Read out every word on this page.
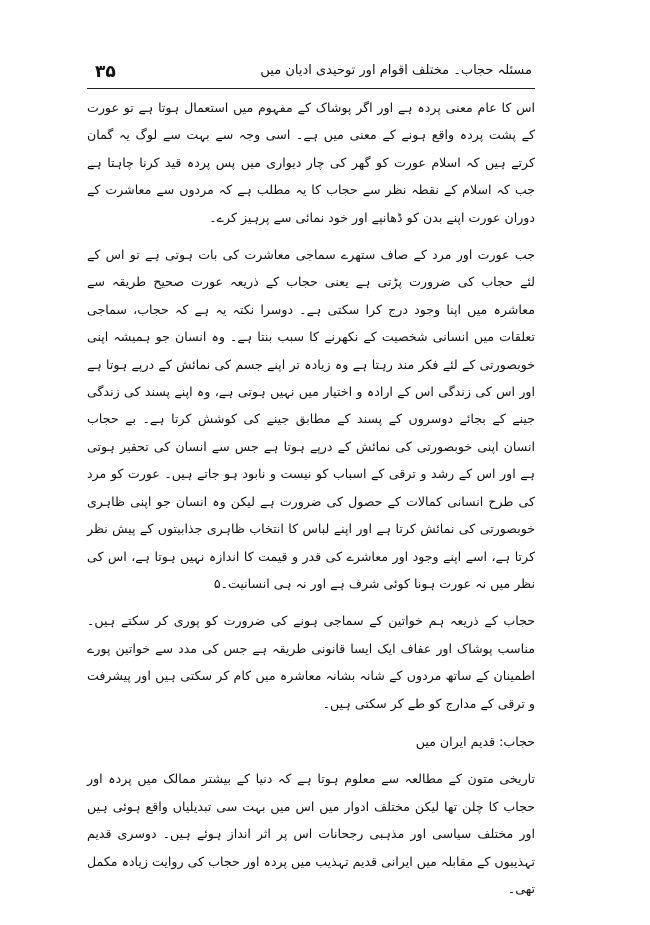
۳۵	مسئلہ حجاب۔ مختلف اقوام اور توحیدی ادیان میں

اس کا عام معنی پردہ ہے اور اگر پوشاک کے مفہوم میں استعمال ہوتا ہے تو عورت کے پشت پردہ واقع ہونے کے معنی میں ہے۔ اسی وجہ سے بہت سے لوگ یہ گمان کرتے ہیں کہ اسلام عورت کو گھر کی چار دیواری میں پس پردہ قید کرنا چاہتا ہے جب کہ اسلام کے نقطہ نظر سے حجاب کا یہ مطلب ہے کہ مردوں سے معاشرت کے دوران عورت اپنے بدن کو ڈھانپے اور خود نمائی سے پرہیز کرے۔

جب عورت اور مرد کے صاف ستھرے سماجی معاشرت کی بات ہوتی ہے تو اس کے لئے حجاب کی ضرورت پڑتی ہے یعنی حجاب کے ذریعہ عورت صحیح طریقہ سے معاشرہ میں اپنا وجود درج کرا سکتی ہے۔ دوسرا نکتہ یہ ہے کہ حجاب، سماجی تعلقات میں انسانی شخصیت کے نکھرنے کا سبب بنتا ہے۔ وہ انسان جو ہمیشہ اپنی خوبصورتی کے لئے فکر مند رہتا ہے وہ زیادہ تر اپنے جسم کی نمائش کے درپے ہوتا ہے اور اس کی زندگی اس کے ارادہ و اختیار میں نہیں ہوتی ہے، وہ اپنے پسند کی زندگی جینے کے بجائے دوسروں کے پسند کے مطابق جینے کی کوشش کرتا ہے۔ بے حجاب انسان اپنی خوبصورتی کی نمائش کے درپے ہوتا ہے جس سے انسان کی تحقیر ہوتی ہے اور اس کے رشد و ترقی کے اسباب کو نیست و نابود ہو جاتے ہیں۔ عورت کو مرد کی طرح انسانی کمالات کے حصول کی ضرورت ہے لیکن وہ انسان جو اپنی ظاہری خوبصورتی کی نمائش کرتا ہے اور اپنے لباس کا انتخاب ظاہری جذابیتوں کے پیش نظر کرتا ہے، اسے اپنے وجود اور معاشرے کی قدر و قیمت کا اندازہ نہیں ہوتا ہے، اس کی نظر میں نہ عورت ہونا کوئی شرف ہے اور نہ ہی انسانیت۔۵

حجاب کے ذریعہ ہم خواتین کے سماجی ہونے کی ضرورت کو پوری کر سکتے ہیں۔ مناسب پوشاک اور عفاف ایک ایسا قانونی طریقہ ہے جس کی مدد سے خواتین پورے اطمینان کے ساتھ مردوں کے شانہ بشانہ معاشرہ میں کام کر سکتی ہیں اور پیشرفت و ترقی کے مدارج کو طے کر سکتی ہیں۔

حجاب: قدیم ایران میں

تاریخی متون کے مطالعہ سے معلوم ہوتا ہے کہ دنیا کے بیشتر ممالک میں پردہ اور حجاب کا چلن تھا لیکن مختلف ادوار میں اس میں بہت سی تبدیلیاں واقع ہوئی ہیں اور مختلف سیاسی اور مذہبی رجحانات اس پر اثر انداز ہوئے ہیں۔ دوسری قدیم تہذیبوں کے مقابلہ میں ایرانی قدیم تہذیب میں پردہ اور حجاب کی روایت زیادہ مکمل تھی۔
